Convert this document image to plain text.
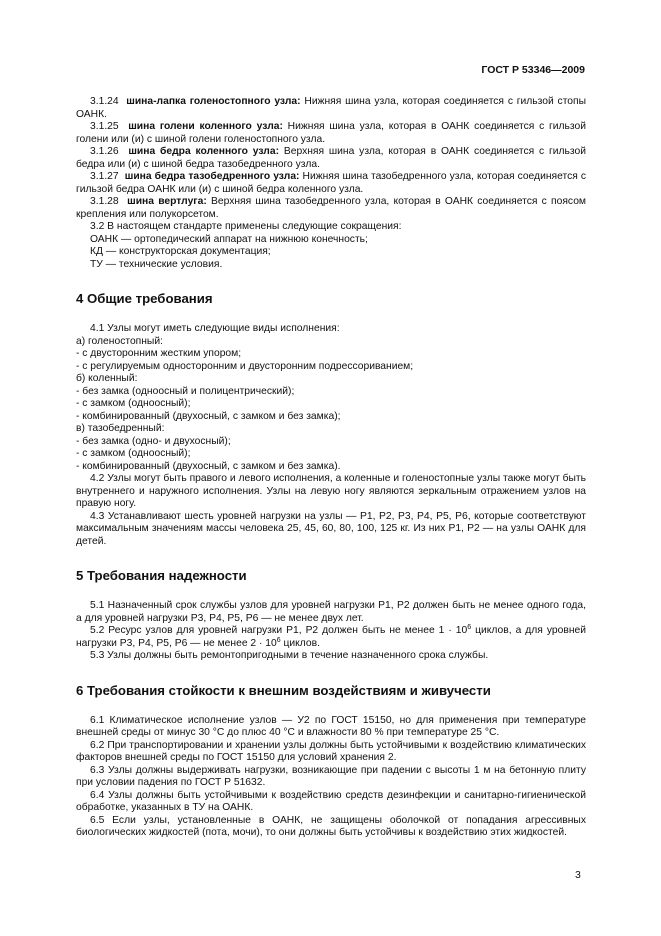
ГОСТ Р 53346—2009

3.1.24 шина-лапка голеностопного узла: Нижняя шина узла, которая соединяется с гильзой стопы ОАНК.

3.1.25 шина голени коленного узла: Нижняя шина узла, которая в ОАНК соединяется с гильзой голени или (и) с шиной голени голеностопного узла.

3.1.26 шина бедра коленного узла: Верхняя шина узла, которая в ОАНК соединяется с гильзой бедра или (и) с шиной бедра тазобедренного узла.

3.1.27 шина бедра тазобедренного узла: Нижняя шина тазобедренного узла, которая соединяется с гильзой бедра ОАНК или (и) с шиной бедра коленного узла.

3.1.28 шина вертлуга: Верхняя шина тазобедренного узла, которая в ОАНК соединяется с поясом крепления или полукорсетом.

3.2 В настоящем стандарте применены следующие сокращения:

ОАНК — ортопедический аппарат на нижнюю конечность;

КД — конструкторская документация;

ТУ — технические условия.

4 Общие требования

4.1 Узлы могут иметь следующие виды исполнения:

а) голеностопный:

- с двусторонним жестким упором;

- с регулируемым односторонним и двусторонним подрессориванием;

б) коленный:

- без замка (одноосный и полицентрический);

- с замком (одноосный);

- комбинированный (двухосный, с замком и без замка);

в) тазобедренный:

- без замка (одно- и двухосный);

- с замком (одноосный);

- комбинированный (двухосный, с замком и без замка).

4.2 Узлы могут быть правого и левого исполнения, а коленные и голеностопные узлы также могут быть внутреннего и наружного исполнения. Узлы на левую ногу являются зеркальным отражением узлов на правую ногу.

4.3 Устанавливают шесть уровней нагрузки на узлы — Р1, Р2, Р3, Р4, Р5, Р6, которые соответствуют максимальным значениям массы человека 25, 45, 60, 80, 100, 125 кг. Из них Р1, Р2 — на узлы ОАНК для детей.

5 Требования надежности

5.1 Назначенный срок службы узлов для уровней нагрузки Р1, Р2 должен быть не менее одного года, а для уровней нагрузки Р3, Р4, Р5, Р6 — не менее двух лет.

5.2 Ресурс узлов для уровней нагрузки Р1, Р2 должен быть не менее $1 \cdot 10^6$ циклов, а для уровней нагрузки Р3, Р4, Р5, Р6 — не менее $2 \cdot 10^6$ циклов.

5.3 Узлы должны быть ремонтопригодными в течение назначенного срока службы.

6 Требования стойкости к внешним воздействиям и живучести

6.1 Климатическое исполнение узлов — У2 по ГОСТ 15150, но для применения при температуре внешней среды от минус 30 °С до плюс 40 °С и влажности 80 % при температуре 25 °С.

6.2 При транспортировании и хранении узлы должны быть устойчивыми к воздействию климатических факторов внешней среды по ГОСТ 15150 для условий хранения 2.

6.3 Узлы должны выдерживать нагрузки, возникающие при падении с высоты 1 м на бетонную плиту при условии падения по ГОСТ Р 51632.

6.4 Узлы должны быть устойчивыми к воздействию средств дезинфекции и санитарно-гигиенической обработке, указанных в ТУ на ОАНК.

6.5 Если узлы, установленные в ОАНК, не защищены оболочкой от попадания агрессивных биологических жидкостей (пота, мочи), то они должны быть устойчивы к воздействию этих жидкостей.

3
